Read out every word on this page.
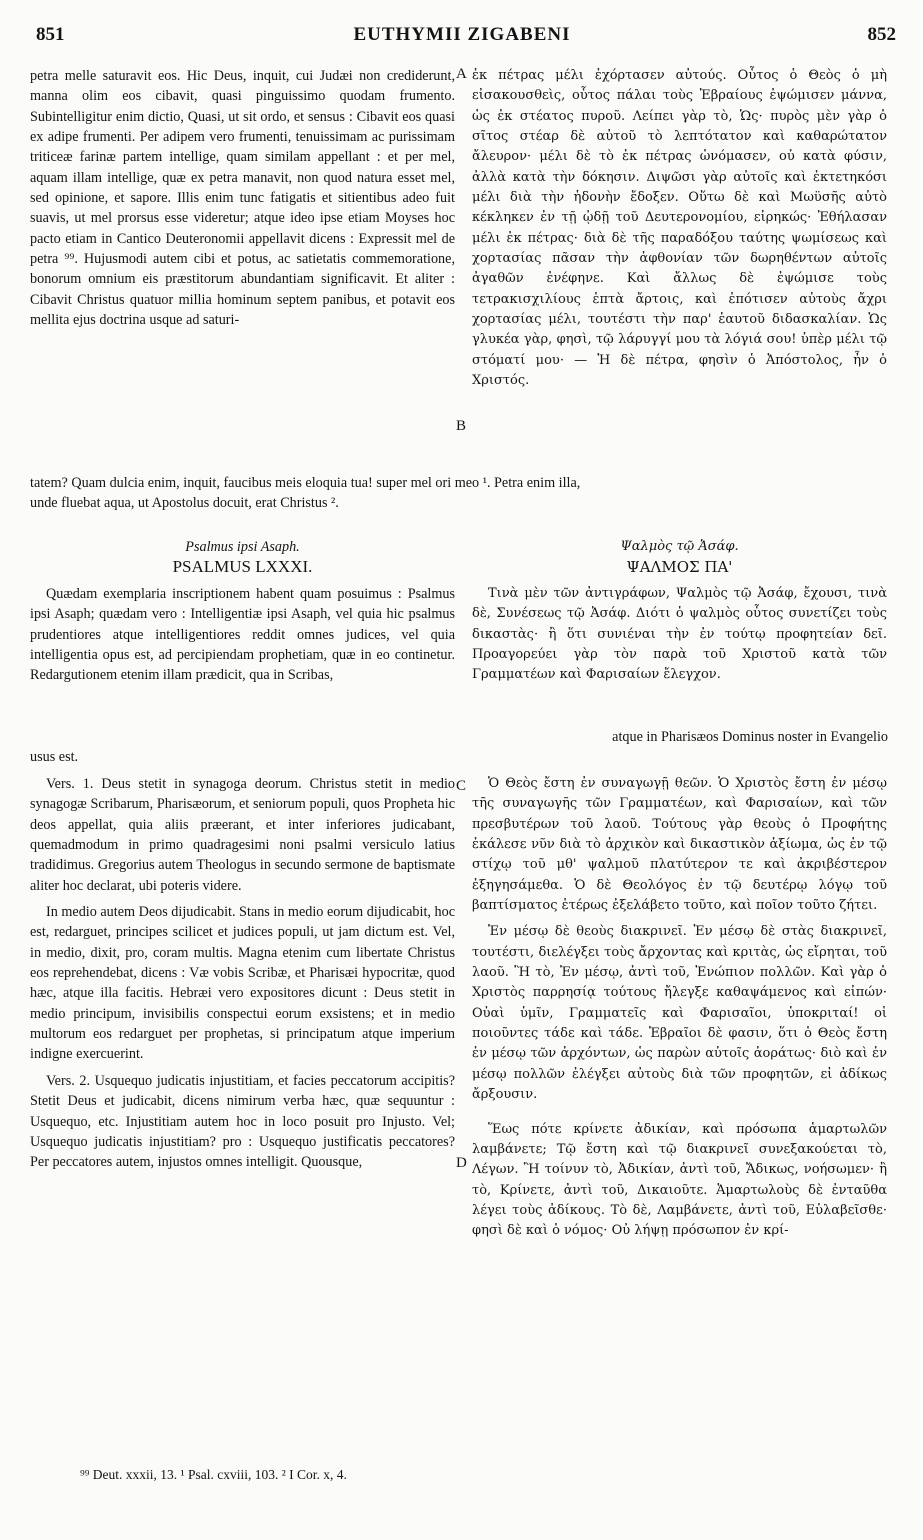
851	EUTHYMII ZIGABENI	852
A
B
C
D

petra melle saturavit eos. Hic Deus, inquit, cui Judæi non crediderunt, manna olim eos cibavit, quasi pinguissimo quodam frumento. Subintelligitur enim dictio, Quasi, ut sit ordo, et sensus : Cibavit eos quasi ex adipe frumenti. Per adipem vero frumenti, tenuissimam ac purissimam triticeæ farinæ partem intellige, quam similam appellant : et per mel, aquam illam intellige, quæ ex petra manavit, non quod natura esset mel, sed opinione, et sapore. Illis enim tunc fatigatis et sitientibus adeo fuit suavis, ut mel prorsus esse videretur; atque ideo ipse etiam Moyses hoc pacto etiam in Cantico Deuteronomii appellavit dicens : Expressit mel de petra ⁹⁹. Hujusmodi autem cibi et potus, ac satietatis commemoratione, bonorum omnium eis præstitorum abundantiam significavit. Et aliter : Cibavit Christus quatuor millia hominum septem panibus, et potavit eos mellita ejus doctrina usque ad saturi-

ἐκ πέτρας μέλι ἐχόρτασεν αὐτούς. Οὗτος ὁ Θεὸς ὁ μὴ εἰσακουσθεὶς, οὗτος πάλαι τοὺς Ἑβραίους ἐψώμισεν μάννα, ὡς ἐκ στέατος πυροῦ. Λείπει γὰρ τὸ, Ὡς· πυρὸς μὲν γὰρ ὁ σῖτος στέαρ δὲ αὐτοῦ τὸ λεπτότατον καὶ καθαρώτατον ἄλευρον· μέλι δὲ τὸ ἐκ πέτρας ὠνόμασεν, οὐ κατὰ φύσιν, ἀλλὰ κατὰ τὴν δόκησιν. Διψῶσι γὰρ αὐτοῖς καὶ ἐκτετηκόσι μέλι διὰ τὴν ἡδονὴν ἔδοξεν. Οὕτω δὲ καὶ Μωϋσῆς αὐτὸ κέκληκεν ἐν τῇ ᾠδῇ τοῦ Δευτερονομίου, εἰρηκώς· Ἐθήλασαν μέλι ἐκ πέτρας· διὰ δὲ τῆς παραδόξου ταύτης ψωμίσεως καὶ χορτασίας πᾶσαν τὴν ἀφθονίαν τῶν δωρηθέντων αὐτοῖς ἀγαθῶν ἐνέφηνε. Καὶ ἄλλως δὲ ἐψώμισε τοὺς τετρακισχιλίους ἑπτὰ ἄρτοις, καὶ ἐπότισεν αὐτοὺς ἄχρι χορτασίας μέλι, τουτέστι τὴν παρ' ἑαυτοῦ διδασκαλίαν. Ὡς γλυκέα γὰρ, φησὶ, τῷ λάρυγγί μου τὰ λόγιά σου! ὑπὲρ μέλι τῷ στόματί μου· — Ἡ δὲ πέτρα, φησὶν ὁ Ἀπόστολος, ἦν ὁ Χριστός.

tatem? Quam dulcia enim, inquit, faucibus meis eloquia tua! super mel ori meo ¹. Petra enim illa,

unde fluebat aqua, ut Apostolus docuit, erat Christus ².

Psalmus ipsi Asaph.

PSALMUS LXXXI.

Ψαλμὸς τῷ Ἀσάφ.

ΨΑΛΜΟΣ ΠΑ'

Quædam exemplaria inscriptionem habent quam posuimus : Psalmus ipsi Asaph; quædam vero : Intelligentiæ ipsi Asaph, vel quia hic psalmus prudentiores atque intelligentiores reddit omnes judices, vel quia intelligentia opus est, ad percipiendam prophetiam, quæ in eo continetur. Redargutionem etenim illam prædicit, qua in Scribas,

Τινὰ μὲν τῶν ἀντιγράφων, Ψαλμὸς τῷ Ἀσάφ, ἔχουσι, τινὰ δὲ, Συνέσεως τῷ Ἀσάφ. Διότι ὁ ψαλμὸς οὗτος συνετίζει τοὺς δικαστὰς· ἢ ὅτι συνιέναι τὴν ἐν τούτῳ προφητείαν δεῖ. Προαγορεύει γὰρ τὸν παρὰ τοῦ Χριστοῦ κατὰ τῶν Γραμματέων καὶ Φαρισαίων ἔλεγχον.

atque in Pharisæos Dominus noster in Evangelio

usus est.

Vers. 1. Deus stetit in synagoga deorum. Christus stetit in medio synagogæ Scribarum, Pharisæorum, et seniorum populi, quos Propheta hic deos appellat, quia aliis præerant, et inter inferiores judicabant, quemadmodum in primo quadragesimi noni psalmi versiculo latius tradidimus. Gregorius autem Theologus in secundo sermone de baptismate aliter hoc declarat, ubi poteris videre.

In medio autem Deos dijudicabit. Stans in medio eorum dijudicabit, hoc est, redarguet, principes scilicet et judices populi, ut jam dictum est. Vel, in medio, dixit, pro, coram multis. Magna etenim cum libertate Christus eos reprehendebat, dicens : Væ vobis Scribæ, et Pharisæi hypocritæ, quod hæc, atque illa facitis. Hebræi vero expositores dicunt : Deus stetit in medio principum, invisibilis conspectui eorum exsistens; et in medio multorum eos redarguet per prophetas, si principatum atque imperium indigne exercuerint.

Vers. 2. Usquequo judicatis injustitiam, et facies peccatorum accipitis? Stetit Deus et judicabit, dicens nimirum verba hæc, quæ sequuntur : Usquequo, etc. Injustitiam autem hoc in loco posuit pro Injusto. Vel; Usquequo judicatis injustitiam? pro : Usquequo justificatis peccatores? Per peccatores autem, injustos omnes intelligit. Quousque,

Ὁ Θεὸς ἔστη ἐν συναγωγῇ θεῶν. Ὁ Χριστὸς ἔστη ἐν μέσῳ τῆς συναγωγῆς τῶν Γραμματέων, καὶ Φαρισαίων, καὶ τῶν πρεσβυτέρων τοῦ λαοῦ. Τούτους γὰρ θεοὺς ὁ Προφήτης ἐκάλεσε νῦν διὰ τὸ ἀρχικὸν καὶ δικαστικὸν ἀξίωμα, ὡς ἐν τῷ στίχῳ τοῦ μθ' ψαλμοῦ πλατύτερον τε καὶ ἀκριβέστερον ἐξηγησάμεθα. Ὁ δὲ Θεολόγος ἐν τῷ δευτέρῳ λόγῳ τοῦ βαπτίσματος ἑτέρως ἐξελάβετο τοῦτο, καὶ ποῖον τοῦτο ζήτει.

Ἐν μέσῳ δὲ θεοὺς διακρινεῖ. Ἐν μέσῳ δὲ στὰς διακρινεῖ, τουτέστι, διελέγξει τοὺς ἄρχοντας καὶ κριτὰς, ὡς εἴρηται, τοῦ λαοῦ. Ἢ τὸ, Ἐν μέσῳ, ἀντὶ τοῦ, Ἐνώπιον πολλῶν. Καὶ γὰρ ὁ Χριστὸς παρρησίᾳ τούτους ἤλεγξε καθαψάμενος καὶ εἰπών· Οὐαὶ ὑμῖν, Γραμματεῖς καὶ Φαρισαῖοι, ὑποκριταί! οἱ ποιοῦντες τάδε καὶ τάδε. Ἑβραῖοι δὲ φασιν, ὅτι ὁ Θεὸς ἔστη ἐν μέσῳ τῶν ἀρχόντων, ὡς παρὼν αὐτοῖς ἀοράτως· διὸ καὶ ἐν μέσῳ πολλῶν ἐλέγξει αὐτοὺς διὰ τῶν προφητῶν, εἰ ἀδίκως ἄρξουσιν.

Ἕως πότε κρίνετε ἀδικίαν, καὶ πρόσωπα ἁμαρτωλῶν λαμβάνετε; Τῷ ἔστη καὶ τῷ διακρινεῖ συνεξακούεται τὸ, Λέγων. Ἢ τοίνυν τὸ, Ἀδικίαν, ἀντὶ τοῦ, Ἄδικως, νοήσωμεν· ἢ τὸ, Κρίνετε, ἀντὶ τοῦ, Δικαιοῦτε. Ἁμαρτωλοὺς δὲ ἐνταῦθα λέγει τοὺς ἀδίκους. Τὸ δὲ, Λαμβάνετε, ἀντὶ τοῦ, Εὐλαβεῖσθε· φησὶ δὲ καὶ ὁ νόμος· Οὐ λήψῃ πρόσωπον ἐν κρί-

⁹⁹ Deut. xxxii, 13. ¹ Psal. cxviii, 103. ² I Cor. x, 4.
